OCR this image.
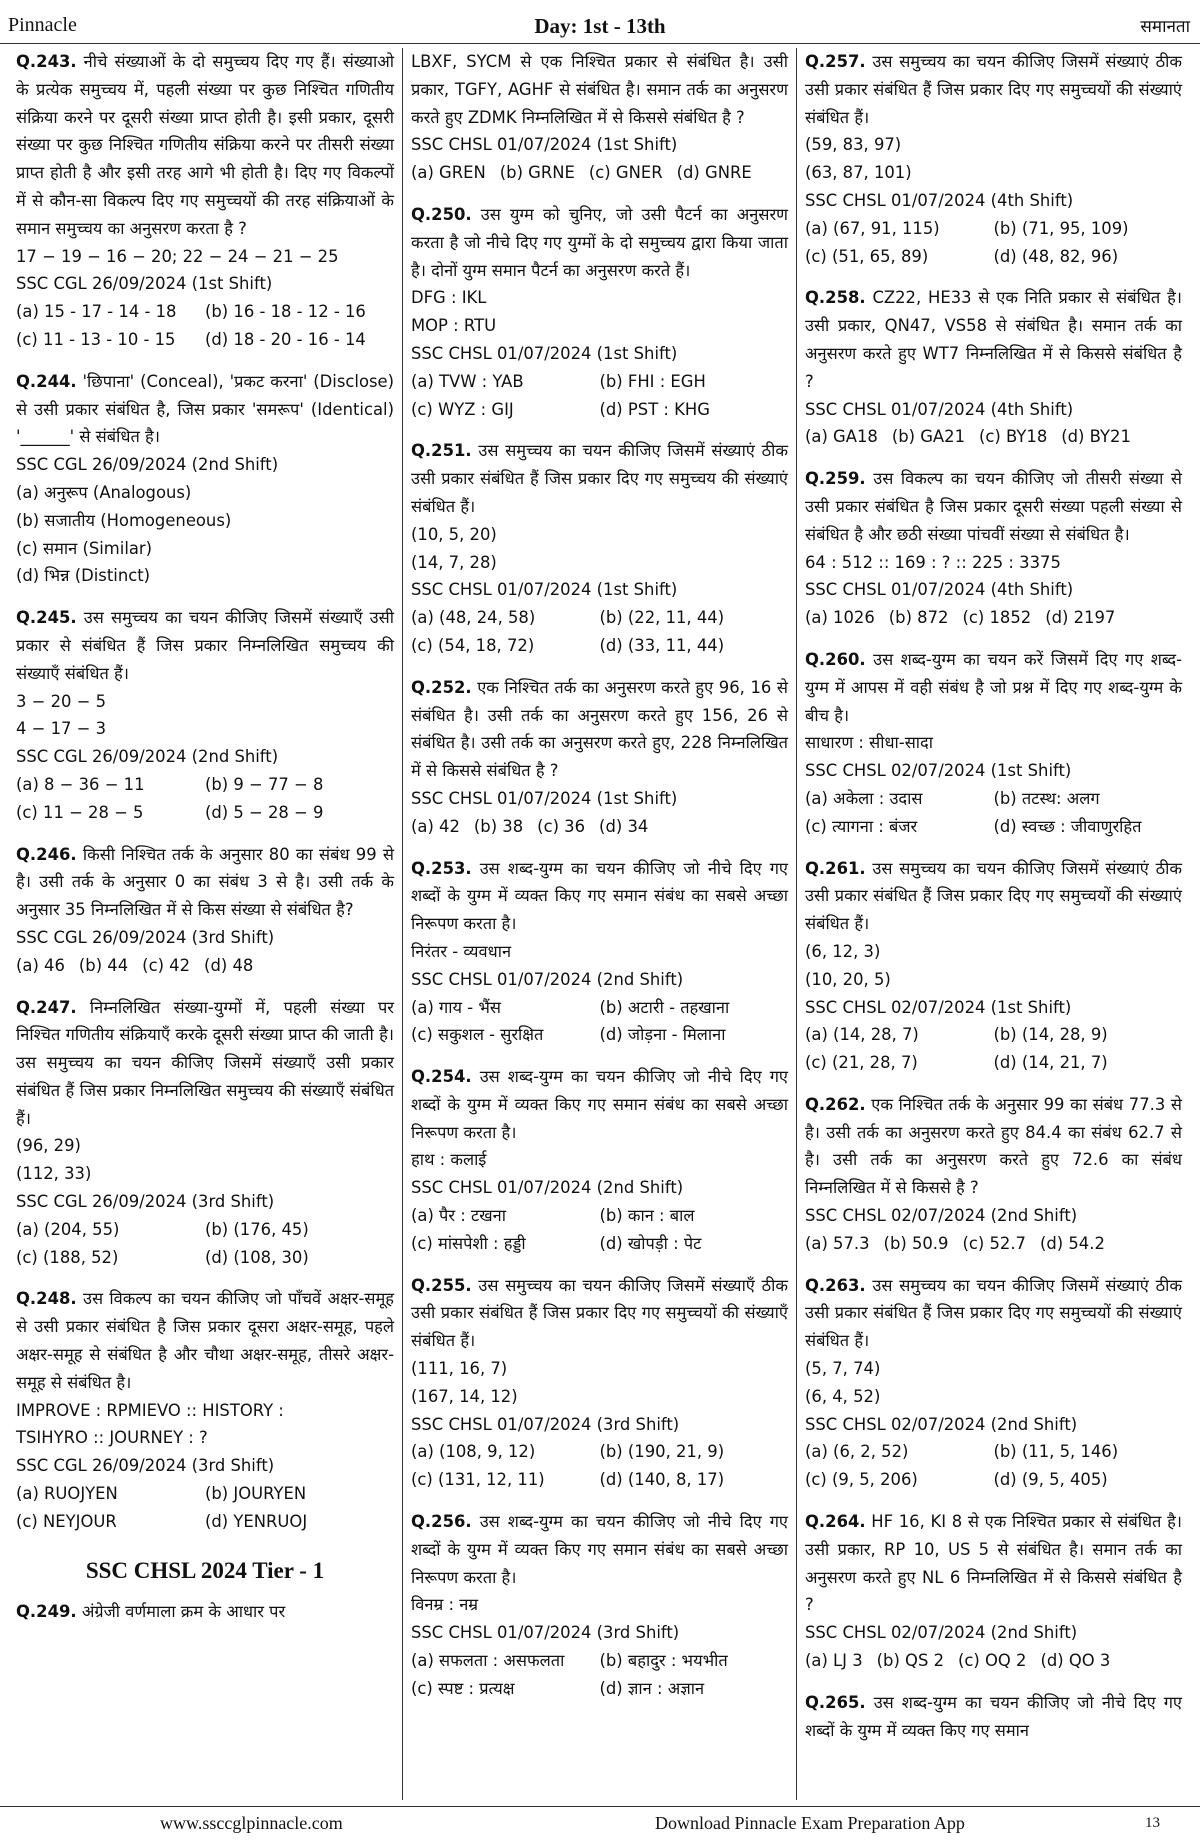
Pinnacle	Day: 1st - 13th	समानता
Q.243. नीचे संख्याओं के दो समुच्चय दिए गए हैं। संख्याओ के प्रत्येक समुच्चय में, पहली संख्या पर कुछ निश्चित गणितीय संक्रिया करने पर दूसरी संख्या प्राप्त होती है। इसी प्रकार, दूसरी संख्या पर कुछ निश्चित गणितीय संक्रिया करने पर तीसरी संख्या प्राप्त होती है और इसी तरह आगे भी होती है। दिए गए विकल्पों में से कौन-सा विकल्प दिए गए समुच्चयों की तरह संक्रियाओं के समान समुच्चय का अनुसरण करता है ?
17 − 19 − 16 − 20; 22 − 24 − 21 − 25
SSC CGL 26/09/2024 (1st Shift)
(a) 15 - 17 - 14 - 18	(b) 16 - 18 - 12 - 16
(c) 11 - 13 - 10 - 15	(d) 18 - 20 - 16 - 14
Q.244. 'छिपाना' (Conceal), 'प्रकट करना' (Disclose) से उसी प्रकार संबंधित है, जिस प्रकार 'समरूप' (Identical) '______' से संबंधित है।
SSC CGL 26/09/2024 (2nd Shift)
(a) अनुरूप (Analogous)
(b) सजातीय (Homogeneous)
(c) समान (Similar)
(d) भिन्न (Distinct)
Q.245. उस समुच्चय का चयन कीजिए जिसमें संख्याएँ उसी प्रकार से संबंधित हैं जिस प्रकार निम्नलिखित समुच्चय की संख्याएँ संबंधित हैं।
3 − 20 − 5
4 − 17 − 3
SSC CGL 26/09/2024 (2nd Shift)
(a) 8 − 36 − 11	(b) 9 − 77 − 8
(c) 11 − 28 − 5	(d) 5 − 28 − 9
Q.246. किसी निश्चित तर्क के अनुसार 80 का संबंध 99 से है। उसी तर्क के अनुसार 0 का संबंध 3 से है। उसी तर्क के अनुसार 35 निम्नलिखित में से किस संख्या से संबंधित है?
SSC CGL 26/09/2024 (3rd Shift)
(a) 46 (b) 44 (c) 42 (d) 48
Q.247. निम्नलिखित संख्या-युग्मों में, पहली संख्या पर निश्चित गणितीय संक्रियाएँ करके दूसरी संख्या प्राप्त की जाती है। उस समुच्चय का चयन कीजिए जिसमें संख्याएँ उसी प्रकार संबंधित हैं जिस प्रकार निम्नलिखित समुच्चय की संख्याएँ संबंधित हैं।
(96, 29)
(112, 33)
SSC CGL 26/09/2024 (3rd Shift)
(a) (204, 55)	(b) (176, 45)
(c) (188, 52)	(d) (108, 30)
Q.248. उस विकल्प का चयन कीजिए जो पाँचवें अक्षर-समूह से उसी प्रकार संबंधित है जिस प्रकार दूसरा अक्षर-समूह, पहले अक्षर-समूह से संबंधित है और चौथा अक्षर-समूह, तीसरे अक्षर-समूह से संबंधित है।
IMPROVE : RPMIEVO :: HISTORY :
TSIHYRO :: JOURNEY : ?
SSC CGL 26/09/2024 (3rd Shift)
(a) RUOJYEN	(b) JOURYEN
(c) NEYJOUR	(d) YENRUOJ
SSC CHSL 2024 Tier - 1
Q.249. अंग्रेजी वर्णमाला क्रम के आधार पर
LBXF, SYCM से एक निश्चित प्रकार से संबंधित है। उसी प्रकार, TGFY, AGHF से संबंधित है। समान तर्क का अनुसरण करते हुए ZDMK निम्नलिखित में से किससे संबंधित है ?
SSC CHSL 01/07/2024 (1st Shift)
(a) GREN (b) GRNE (c) GNER (d) GNRE
Q.250. उस युग्म को चुनिए, जो उसी पैटर्न का अनुसरण करता है जो नीचे दिए गए युग्मों के दो समुच्चय द्वारा किया जाता है। दोनों युग्म समान पैटर्न का अनुसरण करते हैं।
DFG : IKL
MOP : RTU
SSC CHSL 01/07/2024 (1st Shift)
(a) TVW : YAB	(b) FHI : EGH
(c) WYZ : GIJ	(d) PST : KHG
Q.251. उस समुच्चय का चयन कीजिए जिसमें संख्याएं ठीक उसी प्रकार संबंधित हैं जिस प्रकार दिए गए समुच्चय की संख्याएं संबंधित हैं।
(10, 5, 20)
(14, 7, 28)
SSC CHSL 01/07/2024 (1st Shift)
(a) (48, 24, 58)	(b) (22, 11, 44)
(c) (54, 18, 72)	(d) (33, 11, 44)
Q.252. एक निश्चित तर्क का अनुसरण करते हुए 96, 16 से संबंधित है। उसी तर्क का अनुसरण करते हुए 156, 26 से संबंधित है। उसी तर्क का अनुसरण करते हुए, 228 निम्नलिखित में से किससे संबंधित है ?
SSC CHSL 01/07/2024 (1st Shift)
(a) 42 (b) 38 (c) 36 (d) 34
Q.253. उस शब्द-युग्म का चयन कीजिए जो नीचे दिए गए शब्दों के युग्म में व्यक्त किए गए समान संबंध का सबसे अच्छा निरूपण करता है।
निरंतर - व्यवधान
SSC CHSL 01/07/2024 (2nd Shift)
(a) गाय - भैंस	(b) अटारी - तहखाना
(c) सकुशल - सुरक्षित	(d) जोड़ना - मिलाना
Q.254. उस शब्द-युग्म का चयन कीजिए जो नीचे दिए गए शब्दों के युग्म में व्यक्त किए गए समान संबंध का सबसे अच्छा निरूपण करता है।
हाथ : कलाई
SSC CHSL 01/07/2024 (2nd Shift)
(a) पैर : टखना	(b) कान : बाल
(c) मांसपेशी : हड्डी	(d) खोपड़ी : पेट
Q.255. उस समुच्चय का चयन कीजिए जिसमें संख्याएँ ठीक उसी प्रकार संबंधित हैं जिस प्रकार दिए गए समुच्चयों की संख्याएँ संबंधित हैं।
(111, 16, 7)
(167, 14, 12)
SSC CHSL 01/07/2024 (3rd Shift)
(a) (108, 9, 12)	(b) (190, 21, 9)
(c) (131, 12, 11)	(d) (140, 8, 17)
Q.256. उस शब्द-युग्म का चयन कीजिए जो नीचे दिए गए शब्दों के युग्म में व्यक्त किए गए समान संबंध का सबसे अच्छा निरूपण करता है।
विनम्र : नम्र
SSC CHSL 01/07/2024 (3rd Shift)
(a) सफलता : असफलता	(b) बहादुर : भयभीत
(c) स्पष्ट : प्रत्यक्ष	(d) ज्ञान : अज्ञान
Q.257. उस समुच्चय का चयन कीजिए जिसमें संख्याएं ठीक उसी प्रकार संबंधित हैं जिस प्रकार दिए गए समुच्चयों की संख्याएं संबंधित हैं।
(59, 83, 97)
(63, 87, 101)
SSC CHSL 01/07/2024 (4th Shift)
(a) (67, 91, 115)	(b) (71, 95, 109)
(c) (51, 65, 89)	(d) (48, 82, 96)
Q.258. CZ22, HE33 से एक निति प्रकार से संबंधित है। उसी प्रकार, QN47, VS58 से संबंधित है। समान तर्क का अनुसरण करते हुए WT7 निम्नलिखित में से किससे संबंधित है ?
SSC CHSL 01/07/2024 (4th Shift)
(a) GA18 (b) GA21 (c) BY18 (d) BY21
Q.259. उस विकल्प का चयन कीजिए जो तीसरी संख्या से उसी प्रकार संबंधित है जिस प्रकार दूसरी संख्या पहली संख्या से संबंधित है और छठी संख्या पांचवीं संख्या से संबंधित है।
64 : 512 :: 169 : ? :: 225 : 3375
SSC CHSL 01/07/2024 (4th Shift)
(a) 1026 (b) 872 (c) 1852 (d) 2197
Q.260. उस शब्द-युग्म का चयन करें जिसमें दिए गए शब्द-युग्म में आपस में वही संबंध है जो प्रश्न में दिए गए शब्द-युग्म के बीच है।
साधारण : सीधा-सादा
SSC CHSL 02/07/2024 (1st Shift)
(a) अकेला : उदास	(b) तटस्थ: अलग
(c) त्यागना : बंजर	(d) स्वच्छ : जीवाणुरहित
Q.261. उस समुच्चय का चयन कीजिए जिसमें संख्याएं ठीक उसी प्रकार संबंधित हैं जिस प्रकार दिए गए समुच्चयों की संख्याएं संबंधित हैं।
(6, 12, 3)
(10, 20, 5)
SSC CHSL 02/07/2024 (1st Shift)
(a) (14, 28, 7)	(b) (14, 28, 9)
(c) (21, 28, 7)	(d) (14, 21, 7)
Q.262. एक निश्चित तर्क के अनुसार 99 का संबंध 77.3 से है। उसी तर्क का अनुसरण करते हुए 84.4 का संबंध 62.7 से है। उसी तर्क का अनुसरण करते हुए 72.6 का संबंध निम्नलिखित में से किससे है ?
SSC CHSL 02/07/2024 (2nd Shift)
(a) 57.3 (b) 50.9 (c) 52.7 (d) 54.2
Q.263. उस समुच्चय का चयन कीजिए जिसमें संख्याएं ठीक उसी प्रकार संबंधित हैं जिस प्रकार दिए गए समुच्चयों की संख्याएं संबंधित हैं।
(5, 7, 74)
(6, 4, 52)
SSC CHSL 02/07/2024 (2nd Shift)
(a) (6, 2, 52)	(b) (11, 5, 146)
(c) (9, 5, 206)	(d) (9, 5, 405)
Q.264. HF 16, KI 8 से एक निश्चित प्रकार से संबंधित है। उसी प्रकार, RP 10, US 5 से संबंधित है। समान तर्क का अनुसरण करते हुए NL 6 निम्नलिखित में से किससे संबंधित है ?
SSC CHSL 02/07/2024 (2nd Shift)
(a) LJ 3 (b) QS 2 (c) OQ 2 (d) QO 3
Q.265. उस शब्द-युग्म का चयन कीजिए जो नीचे दिए गए शब्दों के युग्म में व्यक्त किए गए समान
www.ssccglpinnacle.com	Download Pinnacle Exam Preparation App	13
